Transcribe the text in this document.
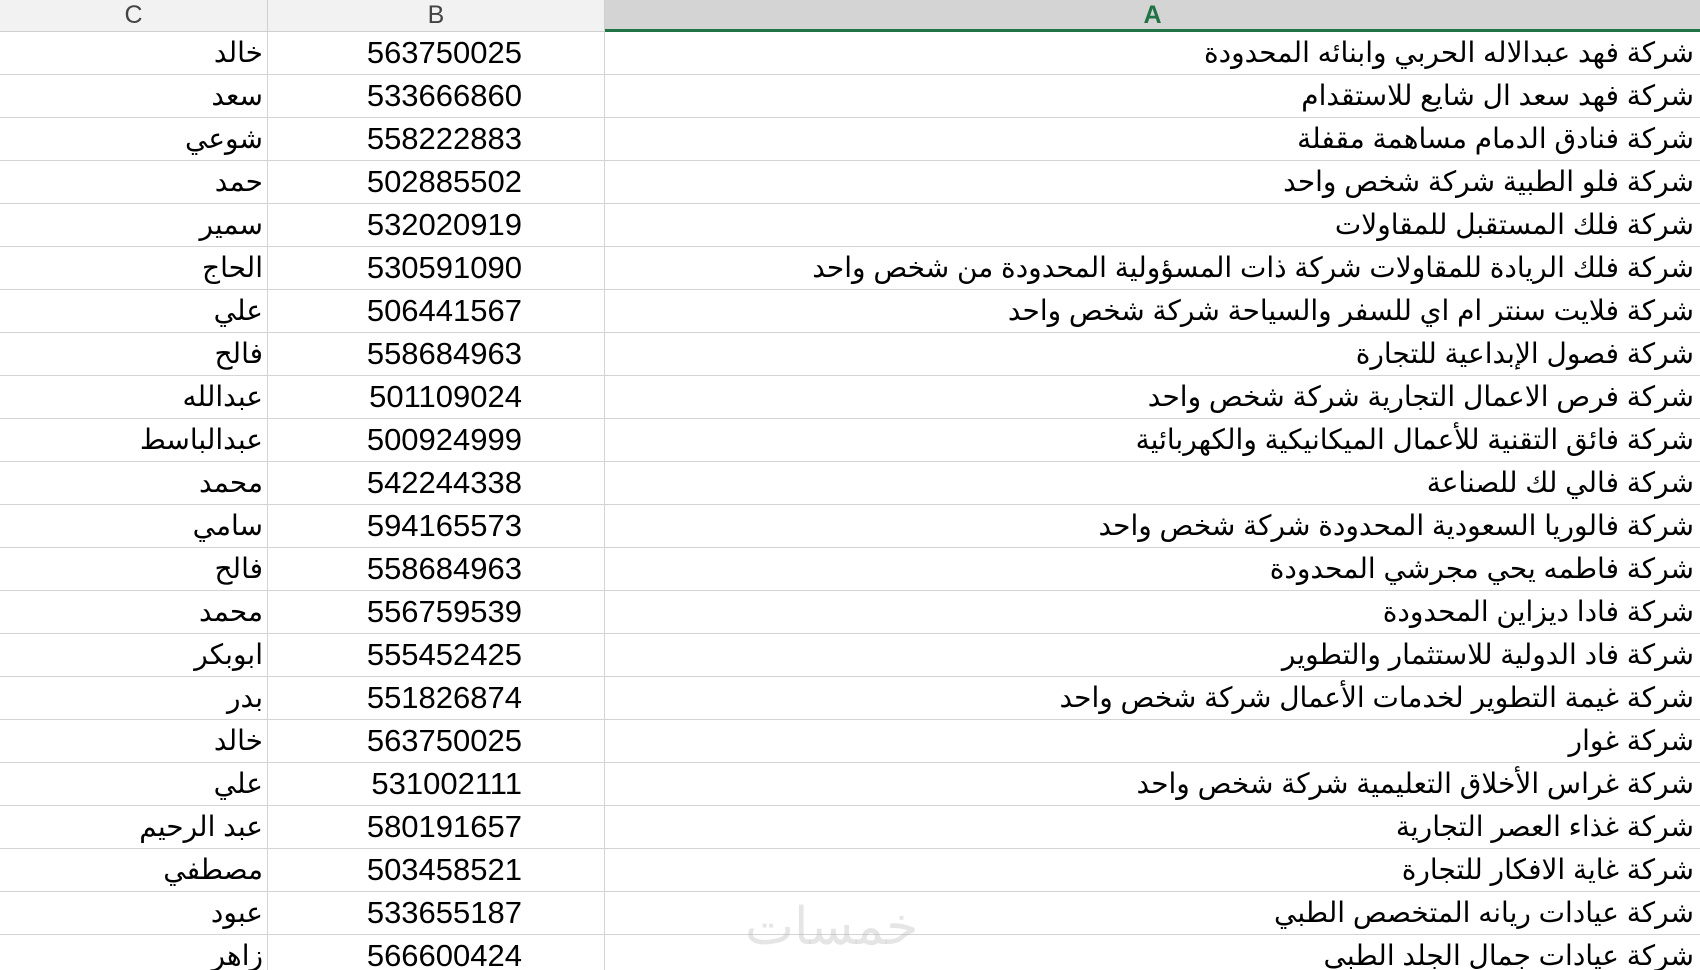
C	B	A
خالد	563750025	شركة فهد عبدالاله الحربي وابنائه المحدودة
سعد	533666860	شركة فهد سعد ال شايع للاستقدام
شوعي	558222883	شركة فنادق الدمام مساهمة مقفلة
حمد	502885502	شركة فلو الطبية شركة شخص واحد
سمير	532020919	شركة فلك المستقبل للمقاولات
الحاج	530591090	شركة فلك الريادة للمقاولات شركة ذات المسؤولية المحدودة من شخص واحد
علي	506441567	شركة فلايت سنتر ام اي للسفر والسياحة شركة شخص واحد
فالح	558684963	شركة فصول الإبداعية للتجارة
عبدالله	501109024	شركة فرص الاعمال التجارية شركة شخص واحد
عبدالباسط	500924999	شركة فائق التقنية للأعمال الميكانيكية والكهربائية
محمد	542244338	شركة فالي لك للصناعة
سامي	594165573	شركة فالوريا السعودية المحدودة شركة شخص واحد
فالح	558684963	شركة فاطمه يحي مجرشي المحدودة
محمد	556759539	شركة فادا ديزاين المحدودة
ابوبكر	555452425	شركة فاد الدولية للاستثمار والتطوير
بدر	551826874	شركة غيمة التطوير لخدمات الأعمال شركة شخص واحد
خالد	563750025	شركة غوار
علي	531002111	شركة غراس الأخلاق التعليمية شركة شخص واحد
عبد الرحيم	580191657	شركة غذاء العصر التجارية
مصطفي	503458521	شركة غاية الافكار للتجارة
عبود	533655187	شركة عيادات ريانه المتخصص الطبي
زاهر	566600424	شركة عيادات جمال الجلد الطبي
خمسات
